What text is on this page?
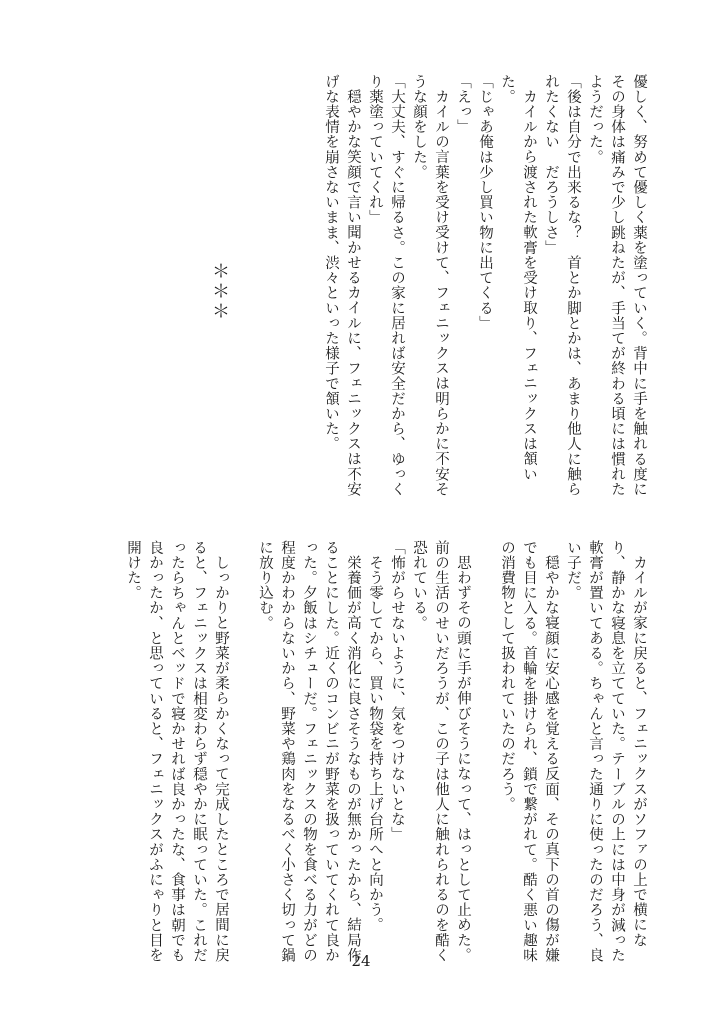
優しく、努めて優しく薬を塗っていく。背中に手を触れる度にその身体は痛みで少し跳ねたが、手当てが終わる頃には慣れたようだった。

「後は自分で出来るな？　首とか脚とかは、あまり他人に触られたくない　だろうしさ」

カイルから渡された軟膏を受け取り、フェニックスは頷いた。

「じゃあ俺は少し買い物に出てくる」

「えっ」

カイルの言葉を受け受けて、フェニックスは明らかに不安そうな顔をした。

「大丈夫、すぐに帰るさ。この家に居れば安全だから、ゆっくり薬塗っていてくれ」

穏やかな笑顔で言い聞かせるカイルに、フェニックスは不安げな表情を崩さないまま、渋々といった様子で頷いた。

＊＊＊

カイルが家に戻ると、フェニックスがソファの上で横になり、静かな寝息を立てていた。テーブルの上には中身が減った軟膏が置いてある。ちゃんと言った通りに使ったのだろう、良い子だ。

穏やかな寝顔に安心感を覚える反面、その真下の首の傷が嫌でも目に入る。首輪を掛けられ、鎖で繋がれて。酷く悪い趣味の消費物として扱われていたのだろう。

思わずその頭に手が伸びそうになって、はっとして止めた。前の生活のせいだろうが、この子は他人に触れられるのを酷く恐れている。

「怖がらせないように、気をつけないとな」

そう零してから、買い物袋を持ち上げ台所へと向かう。

栄養価が高く消化に良さそうなものが無かったから、結局作ることにした。近くのコンビニが野菜を扱っていてくれて良かった。夕飯はシチューだ。フェニックスの物を食べる力がどの程度かわからないから、野菜や鶏肉をなるべく小さく切って鍋に放り込む。

しっかりと野菜が柔らかくなって完成したところで居間に戻ると、フェニックスは相変わらず穏やかに眠っていた。これだったらちゃんとベッドで寝かせれば良かったな、食事は朝でも良かったか、と思っていると、フェニックスがふにゃりと目を開けた。

24
